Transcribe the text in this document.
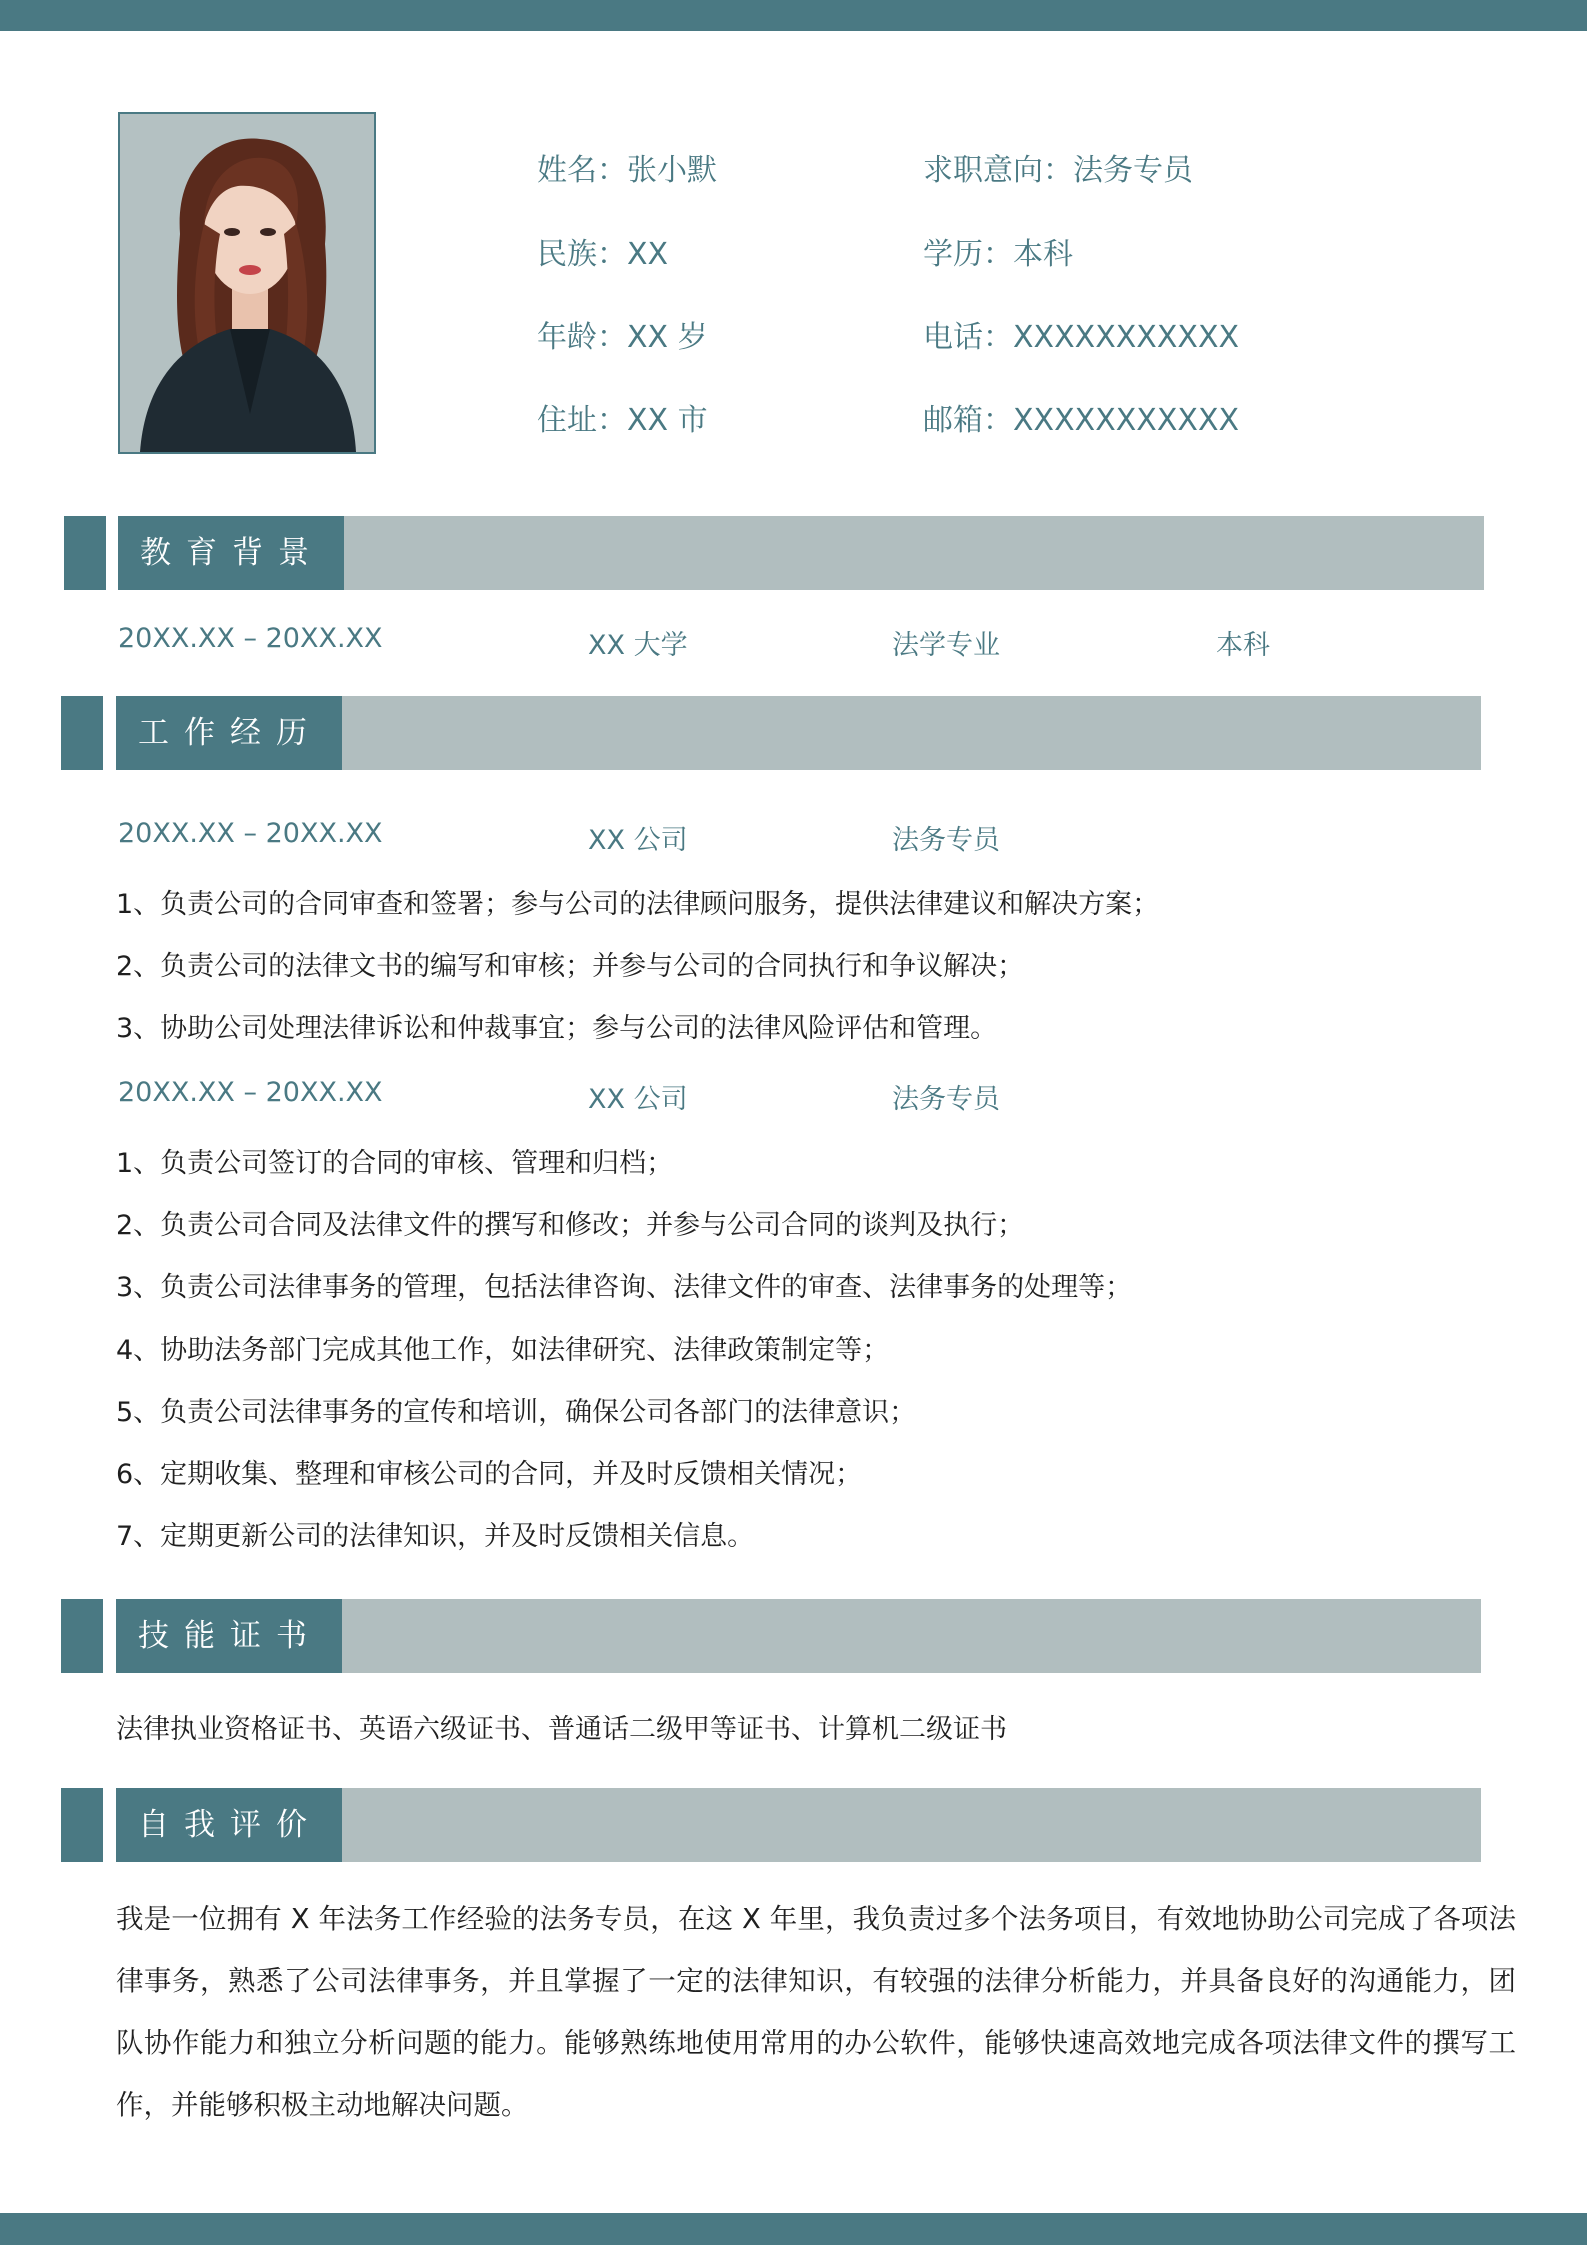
姓名：张小默	求职意向：法务专员
民族：XX	学历：本科
年龄：XX 岁	电话：XXXXXXXXXXX
住址：XX 市	邮箱：XXXXXXXXXXX
教育背景
20XX.XX – 20XX.XX	XX 大学	法学专业	本科
工作经历
20XX.XX – 20XX.XX	XX 公司	法务专员
1、负责公司的合同审查和签署；参与公司的法律顾问服务，提供法律建议和解决方案；
2、负责公司的法律文书的编写和审核；并参与公司的合同执行和争议解决；
3、协助公司处理法律诉讼和仲裁事宜；参与公司的法律风险评估和管理。
20XX.XX – 20XX.XX	XX 公司	法务专员
1、负责公司签订的合同的审核、管理和归档；
2、负责公司合同及法律文件的撰写和修改；并参与公司合同的谈判及执行；
3、负责公司法律事务的管理，包括法律咨询、法律文件的审查、法律事务的处理等；
4、协助法务部门完成其他工作，如法律研究、法律政策制定等；
5、负责公司法律事务的宣传和培训，确保公司各部门的法律意识；
6、定期收集、整理和审核公司的合同，并及时反馈相关情况；
7、定期更新公司的法律知识，并及时反馈相关信息。
技能证书
法律执业资格证书、英语六级证书、普通话二级甲等证书、计算机二级证书
自我评价
我是一位拥有 X 年法务工作经验的法务专员，在这 X 年里，我负责过多个法务项目，有效地协助公司完成了各项法律事务，熟悉了公司法律事务，并且掌握了一定的法律知识，有较强的法律分析能力，并具备良好的沟通能力，团队协作能力和独立分析问题的能力。能够熟练地使用常用的办公软件，能够快速高效地完成各项法律文件的撰写工作，并能够积极主动地解决问题。
